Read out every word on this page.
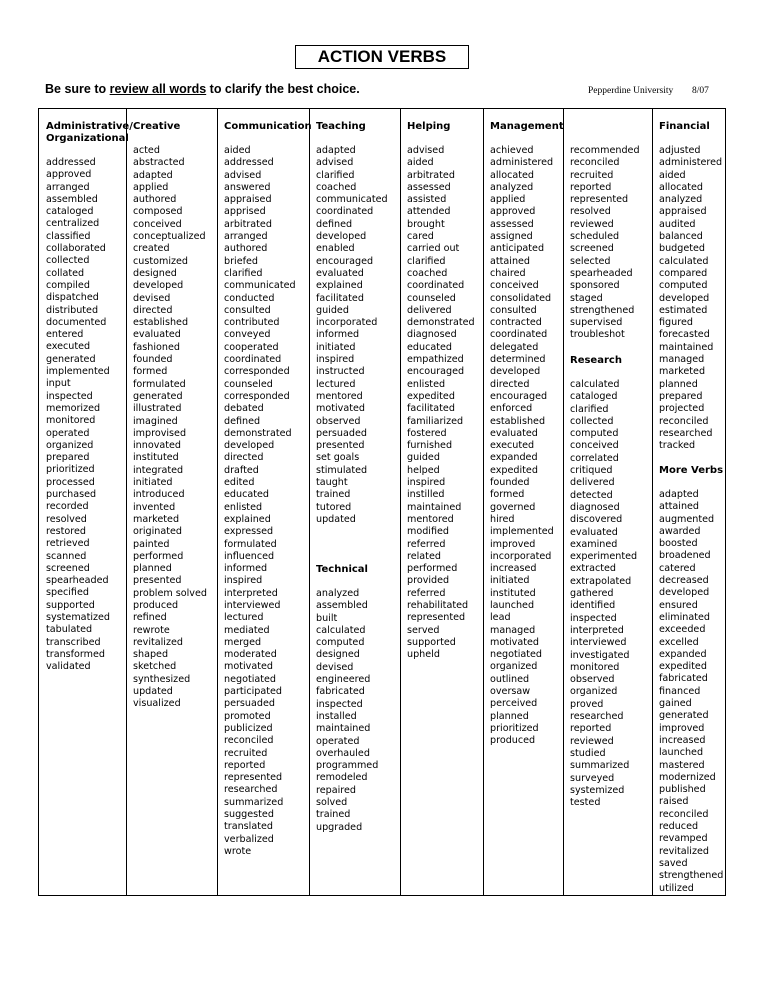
ACTION VERBS
Be sure to review all words to clarify the best choice.	Pepperdine University 8/07
Administrative/
Organizational
addressed
approved
arranged
assembled
cataloged
centralized
classified
collaborated
collected
collated
compiled
dispatched
distributed
documented
entered
executed
generated
implemented
input
inspected
memorized
monitored
operated
organized
prepared
prioritized
processed
purchased
recorded
resolved
restored
retrieved
scanned
screened
spearheaded
specified
supported
systematized
tabulated
transcribed
transformed
validated
Creative
acted
abstracted
adapted
applied
authored
composed
conceived
conceptualized
created
customized
designed
developed
devised
directed
established
evaluated
fashioned
founded
formed
formulated
generated
illustrated
imagined
improvised
innovated
instituted
integrated
initiated
introduced
invented
marketed
originated
painted
performed
planned
presented
problem solved
produced
refined
rewrote
revitalized
shaped
sketched
synthesized
updated
visualized
Communication
aided
addressed
advised
answered
appraised
apprised
arbitrated
arranged
authored
briefed
clarified
communicated
conducted
consulted
contributed
conveyed
cooperated
coordinated
corresponded
counseled
corresponded
debated
defined
demonstrated
developed
directed
drafted
edited
educated
enlisted
explained
expressed
formulated
influenced
informed
inspired
interpreted
interviewed
lectured
mediated
merged
moderated
motivated
negotiated
participated
persuaded
promoted
publicized
reconciled
recruited
reported
represented
researched
summarized
suggested
translated
verbalized
wrote
Teaching
adapted
advised
clarified
coached
communicated
coordinated
defined
developed
enabled
encouraged
evaluated
explained
facilitated
guided
incorporated
informed
initiated
inspired
instructed
lectured
mentored
motivated
observed
persuaded
presented
set goals
stimulated
taught
trained
tutored
updated
Technical
analyzed
assembled
built
calculated
computed
designed
devised
engineered
fabricated
inspected
installed
maintained
operated
overhauled
programmed
remodeled
repaired
solved
trained
upgraded
Helping
advised
aided
arbitrated
assessed
assisted
attended
brought
cared
carried out
clarified
coached
coordinated
counseled
delivered
demonstrated
diagnosed
educated
empathized
encouraged
enlisted
expedited
facilitated
familiarized
fostered
furnished
guided
helped
inspired
instilled
maintained
mentored
modified
referred
related
performed
provided
referred
rehabilitated
represented
served
supported
upheld
Management
achieved
administered
allocated
analyzed
applied
approved
assessed
assigned
anticipated
attained
chaired
conceived
consolidated
consulted
contracted
coordinated
delegated
determined
developed
directed
encouraged
enforced
established
evaluated
executed
expanded
expedited
founded
formed
governed
hired
implemented
improved
incorporated
increased
initiated
instituted
launched
lead
managed
motivated
negotiated
organized
outlined
oversaw
perceived
planned
prioritized
produced
recommended
reconciled
recruited
reported
represented
resolved
reviewed
scheduled
screened
selected
spearheaded
sponsored
staged
strengthened
supervised
troubleshot
Research
calculated
cataloged
clarified
collected
computed
conceived
correlated
critiqued
delivered
detected
diagnosed
discovered
evaluated
examined
experimented
extracted
extrapolated
gathered
identified
inspected
interpreted
interviewed
investigated
monitored
observed
organized
proved
researched
reported
reviewed
studied
summarized
surveyed
systemized
tested
Financial
adjusted
administered
aided
allocated
analyzed
appraised
audited
balanced
budgeted
calculated
compared
computed
developed
estimated
figured
forecasted
maintained
managed
marketed
planned
prepared
projected
reconciled
researched
tracked
More Verbs
adapted
attained
augmented
awarded
boosted
broadened
catered
decreased
developed
ensured
eliminated
exceeded
excelled
expanded
expedited
fabricated
financed
gained
generated
improved
increased
launched
mastered
modernized
published
raised
reconciled
reduced
revamped
revitalized
saved
strengthened
utilized
